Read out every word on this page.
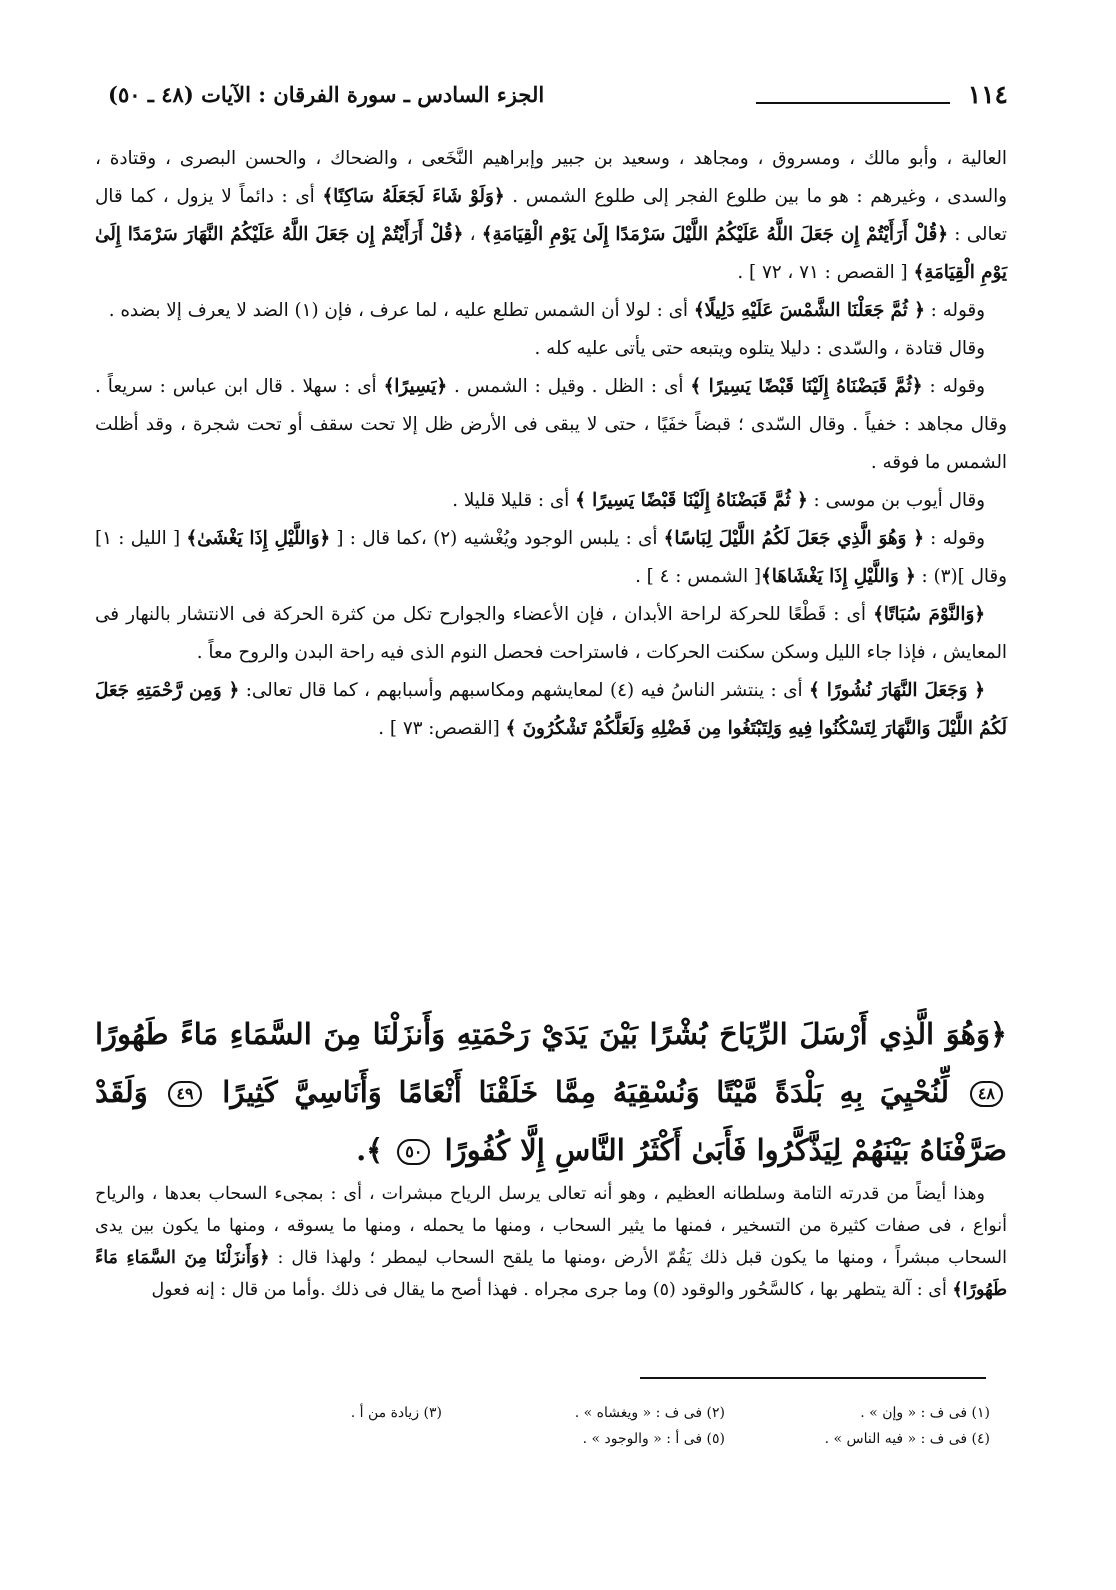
١١٤
الجزء السادس ـ سورة الفرقان : الآيات (٤٨ ـ ٥٠)

العالية ، وأبو مالك ، ومسروق ، ومجاهد ، وسعيد بن جبير وإبراهيم النَّخَعى ، والضحاك ، والحسن البصرى ، وقتادة ، والسدى ، وغيرهم : هو ما بين طلوع الفجر إلى طلوع الشمس . ﴿وَلَوْ شَاءَ لَجَعَلَهُ سَاكِنًا﴾ أى : دائماً لا يزول ، كما قال تعالى : ﴿قُلْ أَرَأَيْتُمْ إِن جَعَلَ اللَّهُ عَلَيْكُمُ اللَّيْلَ سَرْمَدًا إِلَىٰ يَوْمِ الْقِيَامَةِ﴾ ، ﴿قُلْ أَرَأَيْتُمْ إِن جَعَلَ اللَّهُ عَلَيْكُمُ النَّهَارَ سَرْمَدًا إِلَىٰ يَوْمِ الْقِيَامَةِ﴾ [ القصص : ٧١ ، ٧٢ ] .

وقوله : ﴿ ثُمَّ جَعَلْنَا الشَّمْسَ عَلَيْهِ دَلِيلًا﴾ أى : لولا أن الشمس تطلع عليه ، لما عرف ، فإن (١) الضد لا يعرف إلا بضده .

وقال قتادة ، والسّدى : دليلا يتلوه ويتبعه حتى يأتى عليه كله .

وقوله : ﴿ثُمَّ قَبَضْنَاهُ إِلَيْنَا قَبْضًا يَسِيرًا ﴾ أى : الظل . وقيل : الشمس . ﴿يَسِيرًا﴾ أى : سهلا . قال ابن عباس : سريعاً . وقال مجاهد : خفياً . وقال السّدى ؛ قبضاً خفَيًا ، حتى لا يبقى فى الأرض ظل إلا تحت سقف أو تحت شجرة ، وقد أظلت الشمس ما فوقه .

وقال أيوب بن موسى : ﴿ ثُمَّ قَبَضْنَاهُ إِلَيْنَا قَبْضًا يَسِيرًا ﴾ أى : قليلا قليلا .

وقوله : ﴿ وَهُوَ الَّذِي جَعَلَ لَكُمُ اللَّيْلَ لِبَاسًا﴾ أى : يلبس الوجود ويُغْشيه (٢) ،كما قال : [ ﴿وَاللَّيْلِ إِذَا يَغْشَىٰ﴾ [ الليل : ١] وقال ](٣) : ﴿ وَاللَّيْلِ إِذَا يَغْشَاهَا﴾[ الشمس : ٤ ] .

﴿وَالنَّوْمَ سُبَاتًا﴾ أى : قَطْعًا للحركة لراحة الأبدان ، فإن الأعضاء والجوارح تكل من كثرة الحركة فى الانتشار بالنهار فى المعايش ، فإذا جاء الليل وسكن سكنت الحركات ، فاستراحت فحصل النوم الذى فيه راحة البدن والروح معاً .

﴿ وَجَعَلَ النَّهَارَ نُشُورًا ﴾ أى : ينتشر الناسُ فيه (٤) لمعايشهم ومكاسبهم وأسبابهم ، كما قال تعالى: ﴿ وَمِن رَّحْمَتِهِ جَعَلَ لَكُمُ اللَّيْلَ وَالنَّهَارَ لِتَسْكُنُوا فِيهِ وَلِتَبْتَغُوا مِن فَضْلِهِ وَلَعَلَّكُمْ تَشْكُرُونَ ﴾ [القصص: ٧٣ ] .

﴿وَهُوَ الَّذِي أَرْسَلَ الرِّيَاحَ بُشْرًا بَيْنَ يَدَيْ رَحْمَتِهِ وَأَنزَلْنَا مِنَ السَّمَاءِ مَاءً طَهُورًا ٤٨ لِّنُحْيِيَ بِهِ بَلْدَةً مَّيْتًا وَنُسْقِيَهُ مِمَّا خَلَقْنَا أَنْعَامًا وَأَنَاسِيَّ كَثِيرًا ٤٩ وَلَقَدْ صَرَّفْنَاهُ بَيْنَهُمْ لِيَذَّكَّرُوا فَأَبَىٰ أَكْثَرُ النَّاسِ إِلَّا كُفُورًا ٥٠ ﴾.

وهذا أيضاً من قدرته التامة وسلطانه العظيم ، وهو أنه تعالى يرسل الرياح مبشرات ، أى : بمجىء السحاب بعدها ، والرياح أنواع ، فى صفات كثيرة من التسخير ، فمنها ما يثير السحاب ، ومنها ما يحمله ، ومنها ما يسوقه ، ومنها ما يكون بين يدى السحاب مبشراً ، ومنها ما يكون قبل ذلك يَقُمّ الأرض ،ومنها ما يلقح السحاب ليمطر ؛ ولهذا قال : ﴿وَأَنزَلْنَا مِنَ السَّمَاءِ مَاءً طَهُورًا﴾ أى : آلة يتطهر بها ، كالسَّحُور والوقود (٥) وما جرى مجراه . فهذا أصح ما يقال فى ذلك .وأما من قال : إنه فعول

(١) فى ف : « وإن » .
(٢) فى ف : « ويغشاه » .
(٣) زيادة من أ .
(٤) فى ف : « فيه الناس » .
(٥) فى أ : « والوجود » .
